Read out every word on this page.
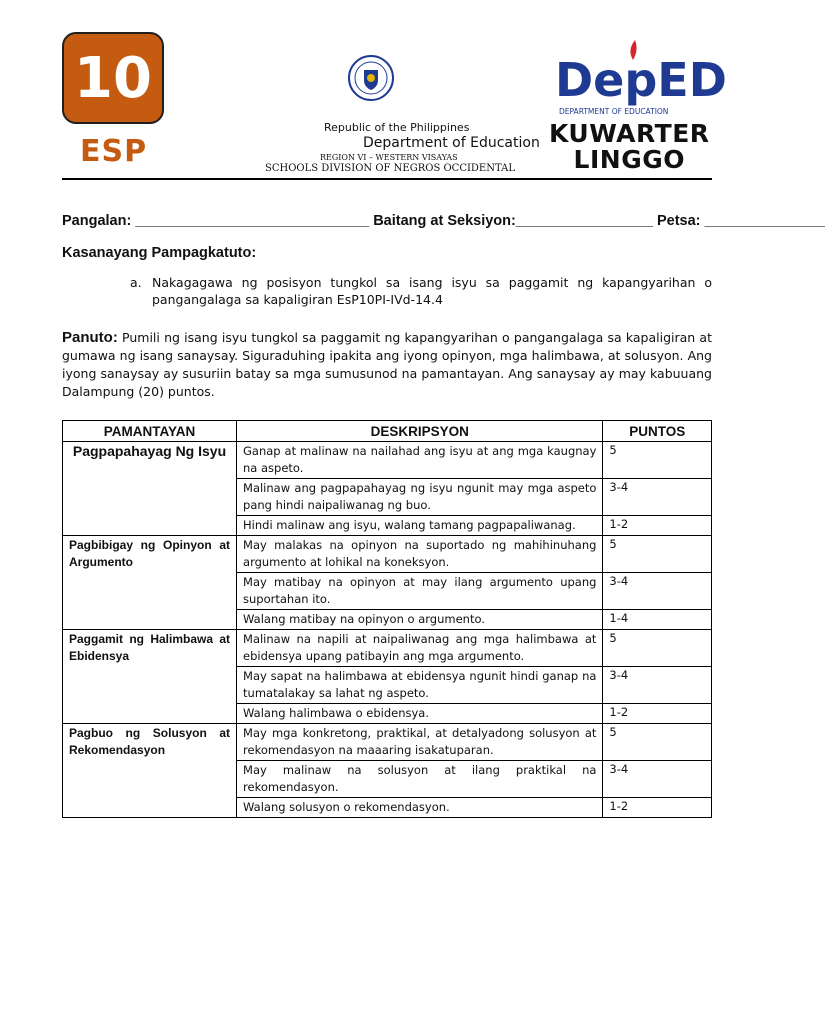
10
ESP
Republic of the Philippines
Department of Education
REGION VI – WESTERN VISAYAS
SCHOOLS DIVISION OF NEGROS OCCIDENTAL
DepED
DEPARTMENT OF EDUCATION
KUWARTER
LINGGO
Pangalan: _____________________________ Baitang at Seksiyon:_________________ Petsa: _______________
Kasanayang Pampagkatuto:
a. Nakagagawa ng posisyon tungkol sa isang isyu sa paggamit ng kapangyarihan o pangangalaga sa kapaligiran EsP10PI-IVd-14.4
Panuto: Pumili ng isang isyu tungkol sa paggamit ng kapangyarihan o pangangalaga sa kapaligiran at gumawa ng isang sanaysay. Siguraduhing ipakita ang iyong opinyon, mga halimbawa, at solusyon. Ang iyong sanaysay ay susuriin batay sa mga sumusunod na pamantayan. Ang sanaysay ay may kabuuang Dalampung (20) puntos.
PAMANTAYAN	DESKRIPSYON	PUNTOS
Pagpapahayag Ng Isyu	Ganap at malinaw na nailahad ang isyu at ang mga kaugnay na aspeto.	5
	Malinaw ang pagpapahayag ng isyu ngunit may mga aspeto pang hindi naipaliwanag ng buo.	3-4
	Hindi malinaw ang isyu, walang tamang pagpapaliwanag.	1-2
Pagbibigay ng Opinyon at Argumento	May malakas na opinyon na suportado ng mahihinuhang argumento at lohikal na koneksyon.	5
	May matibay na opinyon at may ilang argumento upang suportahan ito.	3-4
	Walang matibay na opinyon o argumento.	1-4
Paggamit ng Halimbawa at Ebidensya	Malinaw na napili at naipaliwanag ang mga halimbawa at ebidensya upang patibayin ang mga argumento.	5
	May sapat na halimbawa at ebidensya ngunit hindi ganap na tumatalakay sa lahat ng aspeto.	3-4
	Walang halimbawa o ebidensya.	1-2
Pagbuo ng Solusyon at Rekomendasyon	May mga konkretong, praktikal, at detalyadong solusyon at rekomendasyon na maaaring isakatuparan.	5
	May malinaw na solusyon at ilang praktikal na rekomendasyon.	3-4
	Walang solusyon o rekomendasyon.	1-2
